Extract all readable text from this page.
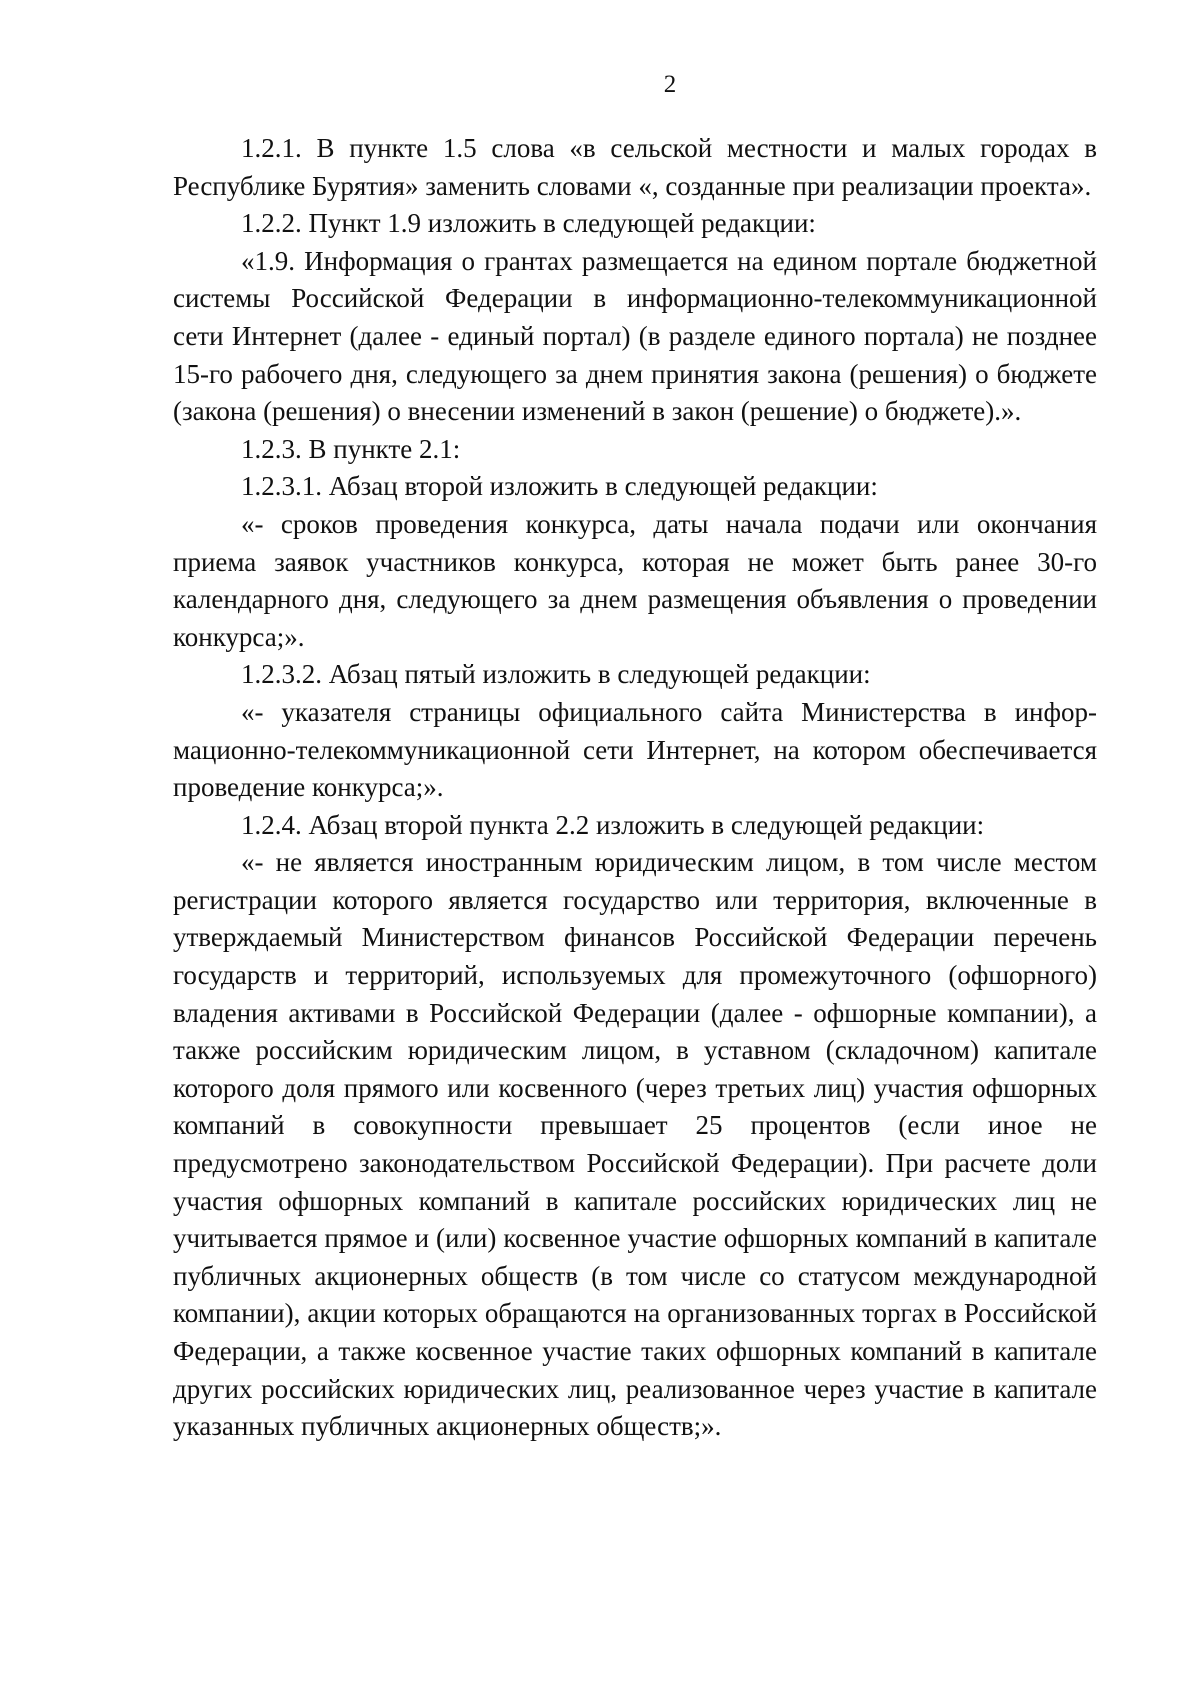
2

1.2.1. В пункте 1.5 слова «в сельской местности и малых городах в Республике Бурятия» заменить словами «, созданные при реализации проекта».

1.2.2. Пункт 1.9 изложить в следующей редакции:

«1.9. Информация о грантах размещается на едином портале бюджетной системы Российской Федерации в информационно-телекоммуникационной сети Интернет (далее - единый портал) (в разделе единого портала) не позднее 15-го рабочего дня, следующего за днем принятия закона (решения) о бюджете (закона (решения) о внесении изменений в закон (решение) о бюджете).».

1.2.3. В пункте 2.1:

1.2.3.1. Абзац второй изложить в следующей редакции:

«- сроков проведения конкурса, даты начала подачи или окончания приема заявок участников конкурса, которая не может быть ранее 30-го календарного дня, следующего за днем размещения объявления о проведении конкурса;».

1.2.3.2. Абзац пятый изложить в следующей редакции:

«- указателя страницы официального сайта Министерства в информационно-телекоммуникационной сети Интернет, на котором обеспечивается проведение конкурса;».

1.2.4. Абзац второй пункта 2.2 изложить в следующей редакции:

«- не является иностранным юридическим лицом, в том числе местом регистрации которого является государство или территория, включенные в утверждаемый Министерством финансов Российской Федерации перечень государств и территорий, используемых для промежуточного (офшорного) владения активами в Российской Федерации (далее - офшорные компании), а также российским юридическим лицом, в уставном (складочном) капитале которого доля прямого или косвенного (через третьих лиц) участия офшорных компаний в совокупности превышает 25 процентов (если иное не предусмотрено законодательством Российской Федерации). При расчете доли участия офшорных компаний в капитале российских юридических лиц не учитывается прямое и (или) косвенное участие офшорных компаний в капитале публичных акционерных обществ (в том числе со статусом международной компании), акции которых обращаются на организованных торгах в Российской Федерации, а также косвенное участие таких офшорных компаний в капитале других российских юридических лиц, реализованное через участие в капитале указанных публичных акционерных обществ;».
